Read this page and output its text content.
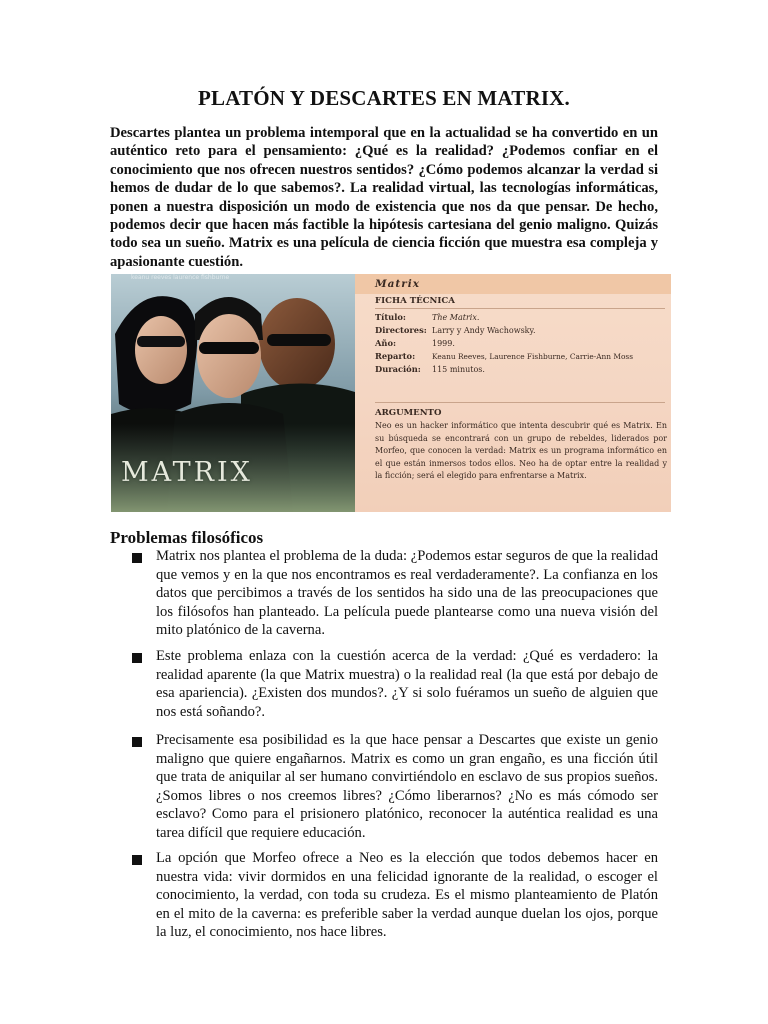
PLATÓN Y DESCARTES EN MATRIX.
Descartes plantea un problema intemporal que en la actualidad se ha convertido en un auténtico reto para el pensamiento: ¿Qué es la realidad? ¿Podemos confiar en el conocimiento que nos ofrecen nuestros sentidos? ¿Cómo podemos alcanzar la verdad si hemos de dudar de lo que sabemos?. La realidad virtual, las tecnologías informáticas, ponen a nuestra disposición un modo de existencia que nos da que pensar. De hecho, podemos decir que hacen más factible la hipótesis cartesiana del genio maligno. Quizás todo sea un sueño. Matrix es una película de ciencia ficción que muestra esa compleja y apasionante cuestión.
MATRIX
keanu reeves laurence fishburne
Matrix
FICHA TÉCNICA
Título:	The Matrix.
Directores: Larry y Andy Wachowsky.
Año:	1999.
Reparto: Keanu Reeves, Laurence Fishburne, Carrie-Ann Moss
Duración: 115 minutos.
ARGUMENTO
Neo es un hacker informático que intenta descubrir qué es Matrix. En su búsqueda se encontrará con un grupo de rebeldes, liderados por Morfeo, que conocen la verdad: Matrix es un programa informático en el que están inmersos todos ellos. Neo ha de optar entre la realidad y la ficción; será el elegido para enfrentarse a Matrix.
Problemas filosóficos
Matrix nos plantea el problema de la duda: ¿Podemos estar seguros de que la realidad que vemos y en la que nos encontramos es real verdaderamente?. La confianza en los datos que percibimos a través de los sentidos ha sido una de las preocupaciones que los filósofos han planteado. La película puede plantearse como una nueva visión del mito platónico de la caverna.
Este problema enlaza con la cuestión acerca de la verdad: ¿Qué es verdadero: la realidad aparente (la que Matrix muestra) o la realidad real (la que está por debajo de esa apariencia). ¿Existen dos mundos?. ¿Y si solo fuéramos un sueño de alguien que nos está soñando?.
Precisamente esa posibilidad es la que hace pensar a Descartes que existe un genio maligno que quiere engañarnos. Matrix es como un gran engaño, es una ficción útil que trata de aniquilar al ser humano convirtiéndolo en esclavo de sus propios sueños. ¿Somos libres o nos creemos libres? ¿Cómo liberarnos? ¿No es más cómodo ser esclavo? Como para el prisionero platónico, reconocer la auténtica realidad es una tarea difícil que requiere educación.
La opción que Morfeo ofrece a Neo es la elección que todos debemos hacer en nuestra vida: vivir dormidos en una felicidad ignorante de la realidad, o escoger el conocimiento, la verdad, con toda su crudeza. Es el mismo planteamiento de Platón en el mito de la caverna: es preferible saber la verdad aunque duelan los ojos, porque la luz, el conocimiento, nos hace libres.
